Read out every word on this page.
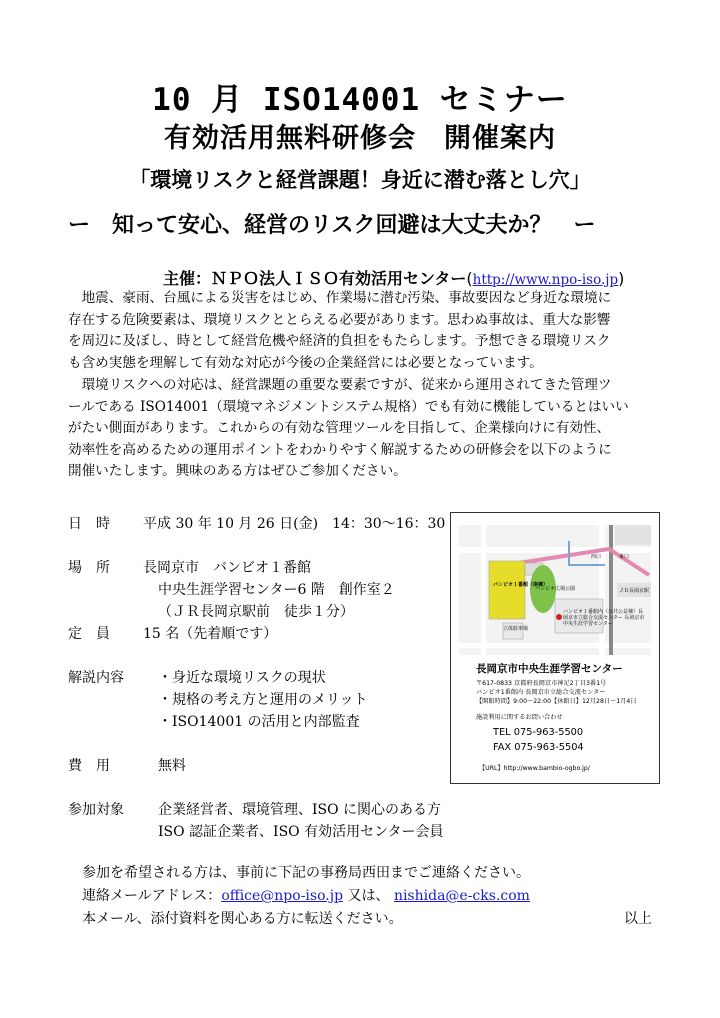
10 月 ISO14001 セミナー
有効活用無料研修会　開催案内
「環境リスクと経営課題！身近に潜む落とし穴」
ー　知って安心、経営のリスク回避は大丈夫か？　ー
主催：ＮＰＯ法人ＩＳＯ有効活用センター(http://www.npo-iso.jp)
　地震、豪雨、台風による災害をはじめ、作業場に潜む汚染、事故要因など身近な環境に
存在する危険要素は、環境リスクととらえる必要があります。思わぬ事故は、重大な影響
を周辺に及ぼし、時として経営危機や経済的負担をもたらします。予想できる環境リスク
も含め実態を理解して有効な対応が今後の企業経営には必要となっています。
　環境リスクへの対応は、経営課題の重要な要素ですが、従来から運用されてきた管理ツ
ールである ISO14001（環境マネジメントシステム規格）でも有効に機能しているとはいい
がたい側面があります。これからの有効な管理ツールを目指して、企業様向けに有効性、
効率性を高めるための運用ポイントをわかりやすく解説するための研修会を以下のように
開催いたします。興味のある方はぜひご参加ください。
日　時 平成 30 年 10 月 26 日(金)　14：30～16：30
場　所 長岡京市　バンビオ１番館
中央生涯学習センター6 階　創作室２
（ＪＲ長岡京駅前　徒歩１分）
定　員 15 名（先着順です）
解説内容 ・身近な環境リスクの現状
・規格の考え方と運用のメリット
・ISO14001 の活用と内部監査
費　用	無料
参加対象 企業経営者、環境管理、ISO に関心のある方
ISO 認証企業者、ISO 有効活用センター会員
バンビオ１番館（南棟）
バンビオ広場公園	ＪＲ長岡京駅
バンビオ１番館内（公共公益棟）長岡京市立総合交流センター 長岡京市中央生涯学習センター
立体駐車場
西口	東口
長岡京市中央生涯学習センター
〒617-0833 京都府長岡京市神足2丁目3番1号
バンビオ1番館内 長岡京市立総合交流センター
【開館時間】9:00～22:00【休館日】12月28日～1月4日
施設利用に関するお問い合わせ
TEL 075-963-5500
FAX 075-963-5504
【URL】http://www.bambio-ogbo.jp/
参加を希望される方は、事前に下記の事務局西田までご連絡ください。
連絡メールアドレス：office@npo-iso.jp 又は、 nishida@e-cks.com
本メール、添付資料を関心ある方に転送ください。	以上
